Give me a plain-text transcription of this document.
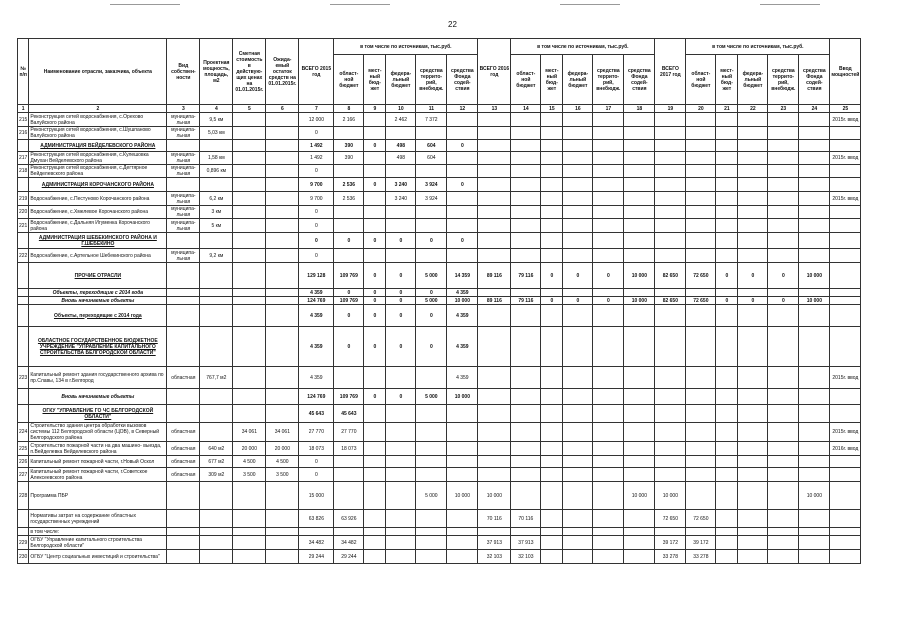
22
№ п/п	Наименование отрасли, заказчика, объекта	Вид собствен- ности	Проектная мощность, площадь, м2	Сметная стоимость в действую- щих ценах на 01.01.2015г.	Ожида- емый остаток средств на 01.01.2015г.	ВСЕГО 2015 год	в том числе по источникам, тыс.руб.					ВСЕГО 2016 год	в том числе по источникам, тыс.руб.					ВСЕГО 2017 год	в том числе по источникам, тыс.руб.					Ввод мощностей
							област- ной бюджет	мест- ный бюд- жет	федера- льный бюджет	средства террито- рий, внебюдж.	средства Фонда содей- ствия		област- ной бюджет	мест- ный бюд- жет	федера- льный бюджет	средства террито- рий, внебюдж.	средства Фонда содей- ствия		област- ной бюджет	мест- ный бюд- жет	федера- льный бюджет	средства террито- рий, внебюдж.	средства Фонда содей- ствия	
1	2	3	4	5	6	7	8	9	10	11	12	13	14	15	16	17	18	19	20	21	22	23	24	25
215	Реконструкция сетей водоснабжения, с.Орехово Валуйского района	муниципа- льная	9,5 км			12 000	2 166		2 462	7 372														2015г. ввод
216	Реконструкция сетей водоснабжения, с.Шушпаново Валуйского района	муниципа- льная	5,03 км			0																		
	АДМИНИСТРАЦИЯ ВЕЙДЕЛЕВСКОГО РАЙОНА					1 492	390	0	498	604	0													
217	Реконструкция сетей водоснабжения, с.Кулешовка Дмухан Вейделевского района	муниципа- льная	1,58 км			1 492	390		498	604														2015г. ввод
218	Реконструкция сетей водоснабжения, с.Дегтярное Вейделевского района	муниципа- льная	0,896 км			0																		
	АДМИНИСТРАЦИЯ КОРОЧАНСКОГО РАЙОНА					9 700	2 536	0	3 240	3 924	0													
219	Водоснабжение, с.Пестуново Корочанского района	муниципа- льная	6,2 км			9 700	2 536		3 240	3 924														2015г. ввод
220	Водоснабжение, с.Хмелевое Корочанского района	муниципа- льная	3 км			0																		
221	Водоснабжение, с.Дальняя Игуменка Корочанского района	муниципа- льная	5 км			0																		
	АДМИНИСТРАЦИЯ ШЕБЕКИНСКОГО РАЙОНА И Г.ШЕБЕКИНО					0	0	0	0	0	0													
222	Водоснабжение, с.Артельное Шебекинского района	муниципа- льная	9,2 км			0																		
	ПРОЧИЕ ОТРАСЛИ					129 128	109 769	0	0	5 000	14 359	89 116	79 116	0	0	0	10 000	82 650	72 650	0	0	0	10 000	
	Объекты, переходящие с 2014 года					4 359	0	0	0	0	4 359													
	Вновь начинаемые объекты					124 769	109 769	0	0	5 000	10 000	89 116	79 116	0	0	0	10 000	82 650	72 650	0	0	0	10 000	
	Объекты, переходящие с 2014 года					4 359	0	0	0	0	4 359													
	ОБЛАСТНОЕ ГОСУДАРСТВЕННОЕ БЮДЖЕТНОЕ УЧРЕЖДЕНИЕ "УПРАВЛЕНИЕ КАПИТАЛЬНОГО СТРОИТЕЛЬСТВА БЕЛГОРОДСКОЙ ОБЛАСТИ"					4 359	0	0	0	0	4 359													
223	Капитальный ремонт здания государственного архива по пр.Славы, 134 в г.Белгород	областная	767,7 м2			4 359					4 359													2015г. ввод
	Вновь начинаемые объекты					124 769	109 769	0	0	5 000	10 000													
	ОГКУ "УПРАВЛЕНИЕ ГО ЧС БЕЛГОРОДСКОЙ ОБЛАСТИ"					45 643	45 643																	
224	Строительство здания центра обработки вызовов системы 112 Белгородской области (ЦОВ), в Северный Белгородского района	областная		34 061	34 061	27 770	27 770																	2015г. ввод
225	Строительство пожарной части на два машино- выезда, п.Вейделевка Вейделевского района	областная	640 м2	20 000	20 000	18 073	18 073																	2016г. ввод
226	Капитальный ремонт пожарной части, г.Новый Оскол	областная	677 м2	4 500	4 500	0																		
227	Капитальный ремонт пожарной части, г.Советское Алексеевского района	областная	309 м2	3 500	3 500	0																		
228	Программа ПБР					15 000				5 000	10 000	10 000					10 000	10 000					10 000	
	Нормативы затрат на содержание областных государственных учреждений					63 826	63 926					70 116	70 116					72 650	72 650					
	в том числе:																							
229	ОГБУ "Управление капитального строительства Белгородской области"					34 482	34 482					37 913	37 913					39 172	39 172					
230	ОГБУ "Центр социальных инвестиций и строительства"					29 244	29 244					32 103	32 103					33 278	33 278					
